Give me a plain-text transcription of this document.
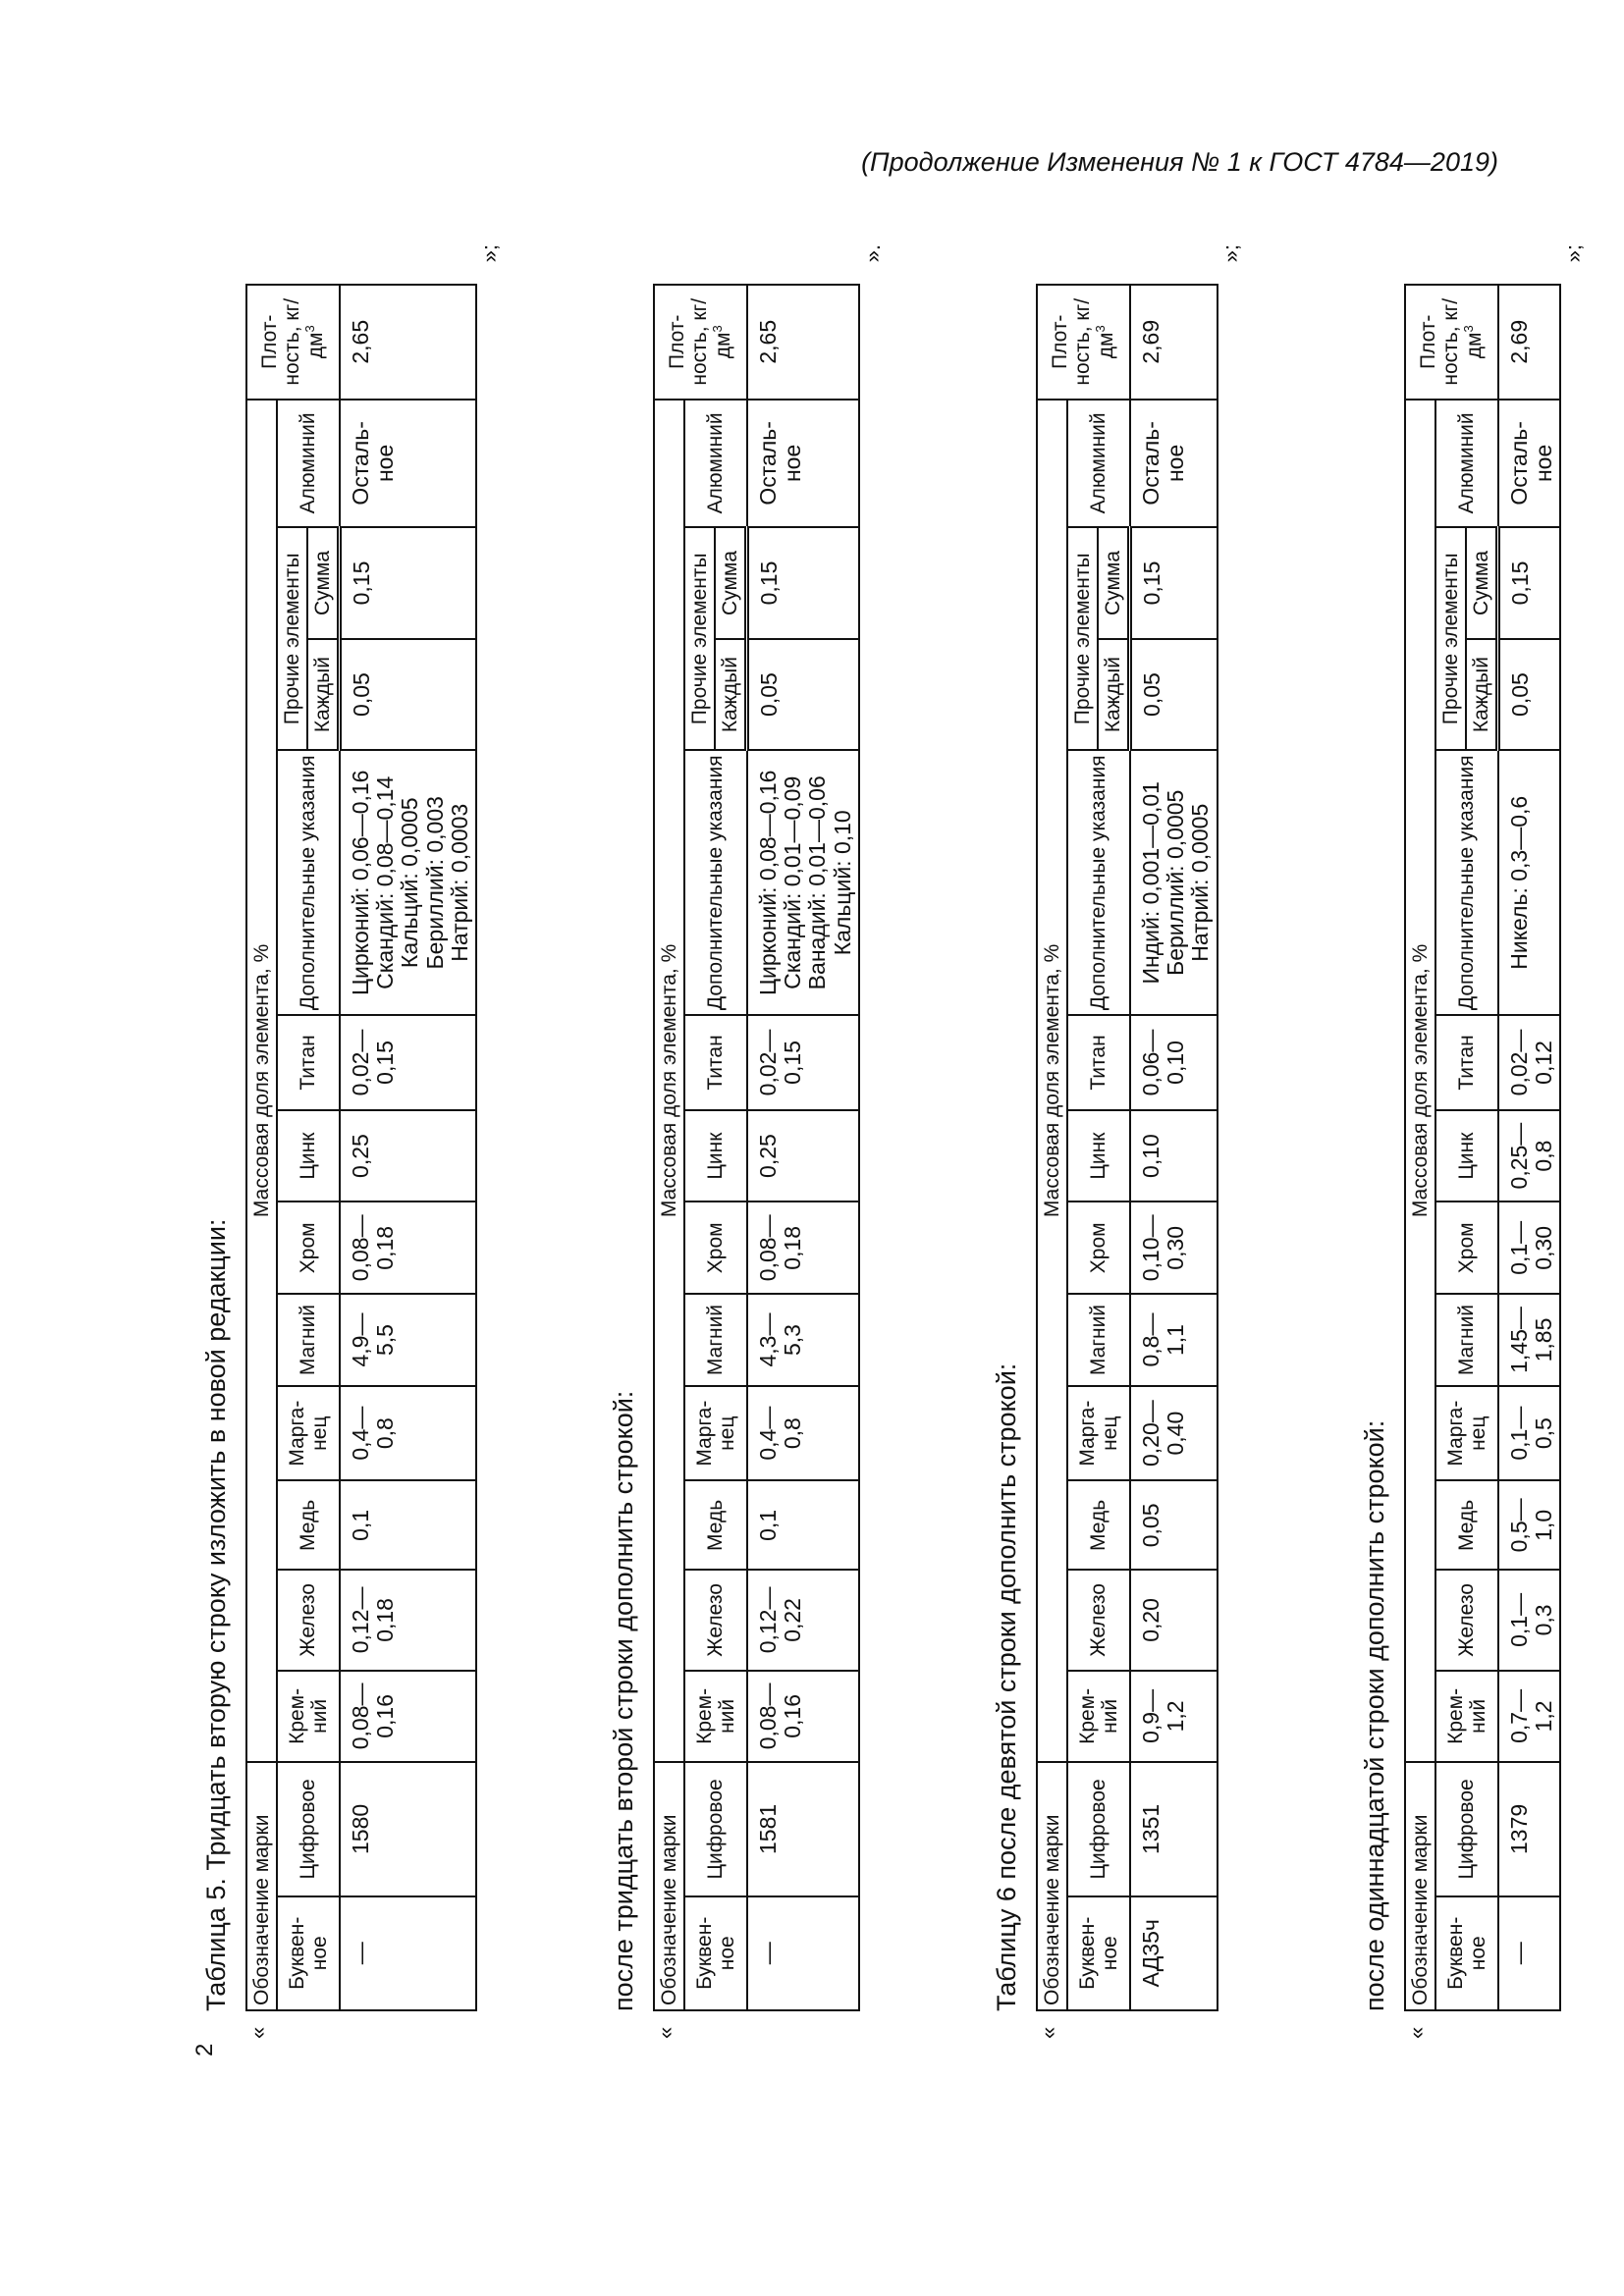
(Продолжение Изменения № 1 к ГОСТ 4784—2019)
2

Таблица 5. Тридцать вторую строку изложить в новой редакции:

«
Обозначение марки		Массовая доля элемента, %												Плот-ность, $кг/дм^3$
Буквен-ное	Цифровое	Крем-ний	Железо	Медь	Марга-нец	Магний	Хром	Цинк	Титан	Дополнительные указания	Прочие элементы		Алюминий	
											Каждый	Сумма		
—	1580	0,08— 0,16	0,12— 0,18	0,1	0,4— 0,8	4,9— 5,5	0,08— 0,18	0,25	0,02— 0,15	Цирконий: 0,06—0,16 Скандий: 0,08—0,14 Кальций: 0,0005 Бериллий: 0,003 Натрий: 0,0003	0,05	0,15	Осталь- ное	2,65
»;

после тридцать второй строки дополнить строкой:

«
Обозначение марки		Массовая доля элемента, %												Плот-ность, $кг/дм^3$
Буквен-ное	Цифровое	Крем-ний	Железо	Медь	Марга-нец	Магний	Хром	Цинк	Титан	Дополнительные указания	Прочие элементы		Алюминий	
											Каждый	Сумма		
—	1581	0,08— 0,16	0,12— 0,22	0,1	0,4— 0,8	4,3— 5,3	0,08— 0,18	0,25	0,02— 0,15	Цирконий: 0,08—0,16 Скандий: 0,01—0,09 Ванадий: 0,01—0,06 Кальций: 0,10	0,05	0,15	Осталь- ное	2,65
».

Таблицу 6 после девятой строки дополнить строкой:

«
Обозначение марки		Массовая доля элемента, %												Плот-ность, $кг/дм^3$
Буквен-ное	Цифровое	Крем-ний	Железо	Медь	Марга-нец	Магний	Хром	Цинк	Титан	Дополнительные указания	Прочие элементы		Алюминий	
											Каждый	Сумма		
АД35ч	1351	0,9— 1,2	0,20	0,05	0,20— 0,40	0,8— 1,1	0,10— 0,30	0,10	0,06— 0,10	Индий: 0,001—0,01 Бериллий: 0,0005 Натрий: 0,0005	0,05	0,15	Осталь- ное	2,69
»;

после одиннадцатой строки дополнить строкой:

«
Обозначение марки		Массовая доля элемента, %												Плот-ность, $кг/дм^3$
Буквен-ное	Цифровое	Крем-ний	Железо	Медь	Марга-нец	Магний	Хром	Цинк	Титан	Дополнительные указания	Прочие элементы		Алюминий	
											Каждый	Сумма		
—	1379	0,7— 1,2	0,1— 0,3	0,5— 1,0	0,1— 0,5	1,45— 1,85	0,1— 0,30	0,25— 0,8	0,02— 0,12	Никель: 0,3—0,6	0,05	0,15	Осталь- ное	2,69
»;
